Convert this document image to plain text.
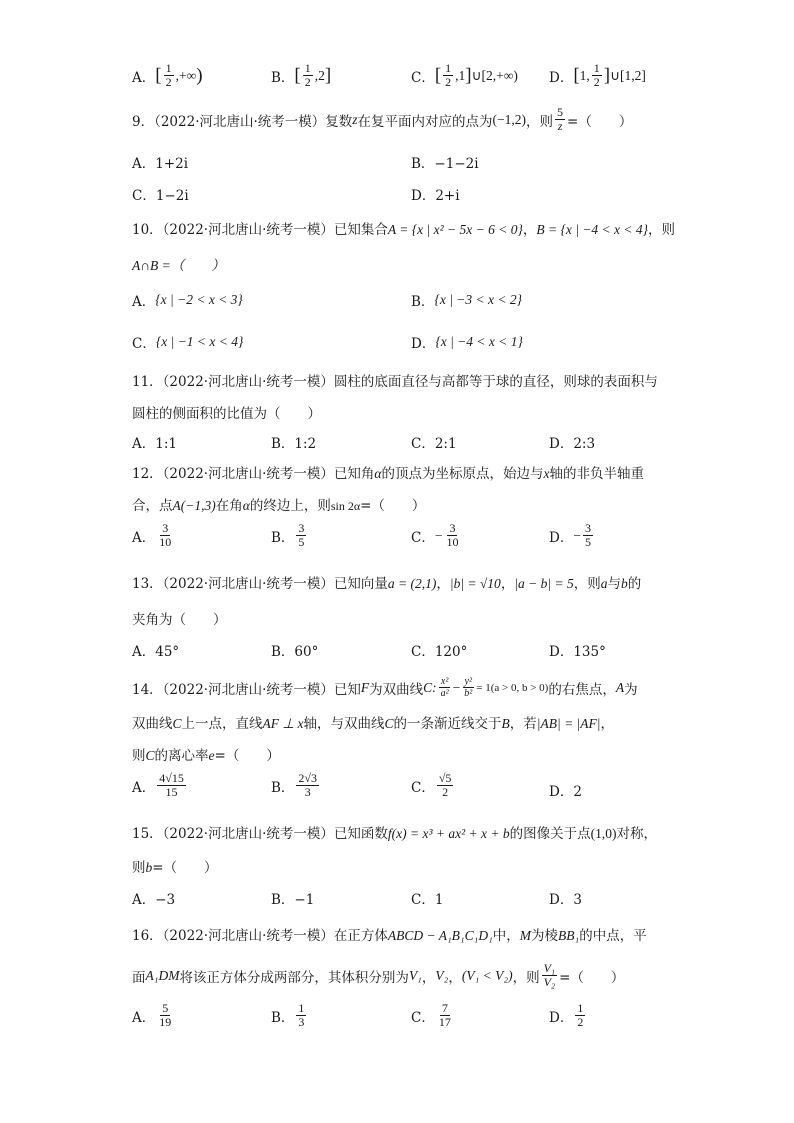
A． [ $\frac{1}{2}$ ,+∞ )	B． [ $\frac{1}{2} ,2$ ]	C． [ $\frac{1}{2} ,1$ ] ∪[2,+∞) D． [ 1, $\frac{1}{2}$ ] ∪[1,2]
9．（2022·河北唐山·统考一模）复数 z 在复平面内对应的点为 (−1,2) ，则 $\frac{5}{z}$ =（　　）
A．1+2i	B．−1−2i
C．1−2i	D．2+i
10．（2022·河北唐山·统考一模）已知集合A = {x | x² − 5x − 6 < 0}，B = {x | −4 < x < 4}，则
A∩B =（　　）
A． {x | −2 < x < 3}	B． {x | −3 < x < 2}
C． {x | −1 < x < 4}	D． {x | −4 < x < 1}
11．（2022·河北唐山·统考一模）圆柱的底面直径与高都等于球的直径，则球的表面积与
圆柱的侧面积的比值为（　　）
A．1:1	B．1:2	C．2:1	D．2:3
12．（2022·河北唐山·统考一模）已知角α的顶点为坐标原点，始边与x轴的非负半轴重
合，点A(−1,3)在角α的终边上，则sin 2α=（　　）
A． $\frac{3}{10}$	B． $\frac{3}{5}$	C． − $\frac{3}{10}$	D． − $\frac{3}{5}$
13．（2022·河北唐山·统考一模）已知向量a = (2,1)，|b| = √10，|a − b| = 5，则a与b的
夹角为（　　）
A．45°	B．60°	C．120°	D．135°
14．（2022·河北唐山·统考一模）已知 F 为双曲线 C: $\frac{\text{x²}}{\text{a²}} - \frac{\text{y²}}{\text{b²}} = 1(a > 0$, b > 0) 的右焦点， A 为
双曲线C上一点，直线AF ⊥ x轴，与双曲线C的一条渐近线交于B，若|AB| = |AF|，
则C的离心率e=（　　）
A． $\frac{4√15}{15}$	B． $\frac{2√3}{3}$	C． $\frac{√5}{2}$	D．2
15．（2022·河北唐山·统考一模）已知函数f(x) = x³ + ax² + x + b的图像关于点(1,0)对称，
则b=（　　）
A．−3	B．−1	C．1	D．3
16．（2022·河北唐山·统考一模）在正方体ABCD − A₁B₁C₁D₁中，M为棱BB₁的中点，平
面 A₁DM 将该正方体分成两部分，其体积分别为 V₁ ， V₂ ， (V₁ < V₂) ，则 $\frac{\text{V₁}}{\text{V₂}}$ =（　　）
A． $\frac{5}{19}$	B． $\frac{1}{3}$	C． $\frac{7}{17}$	D． $\frac{1}{2}$
